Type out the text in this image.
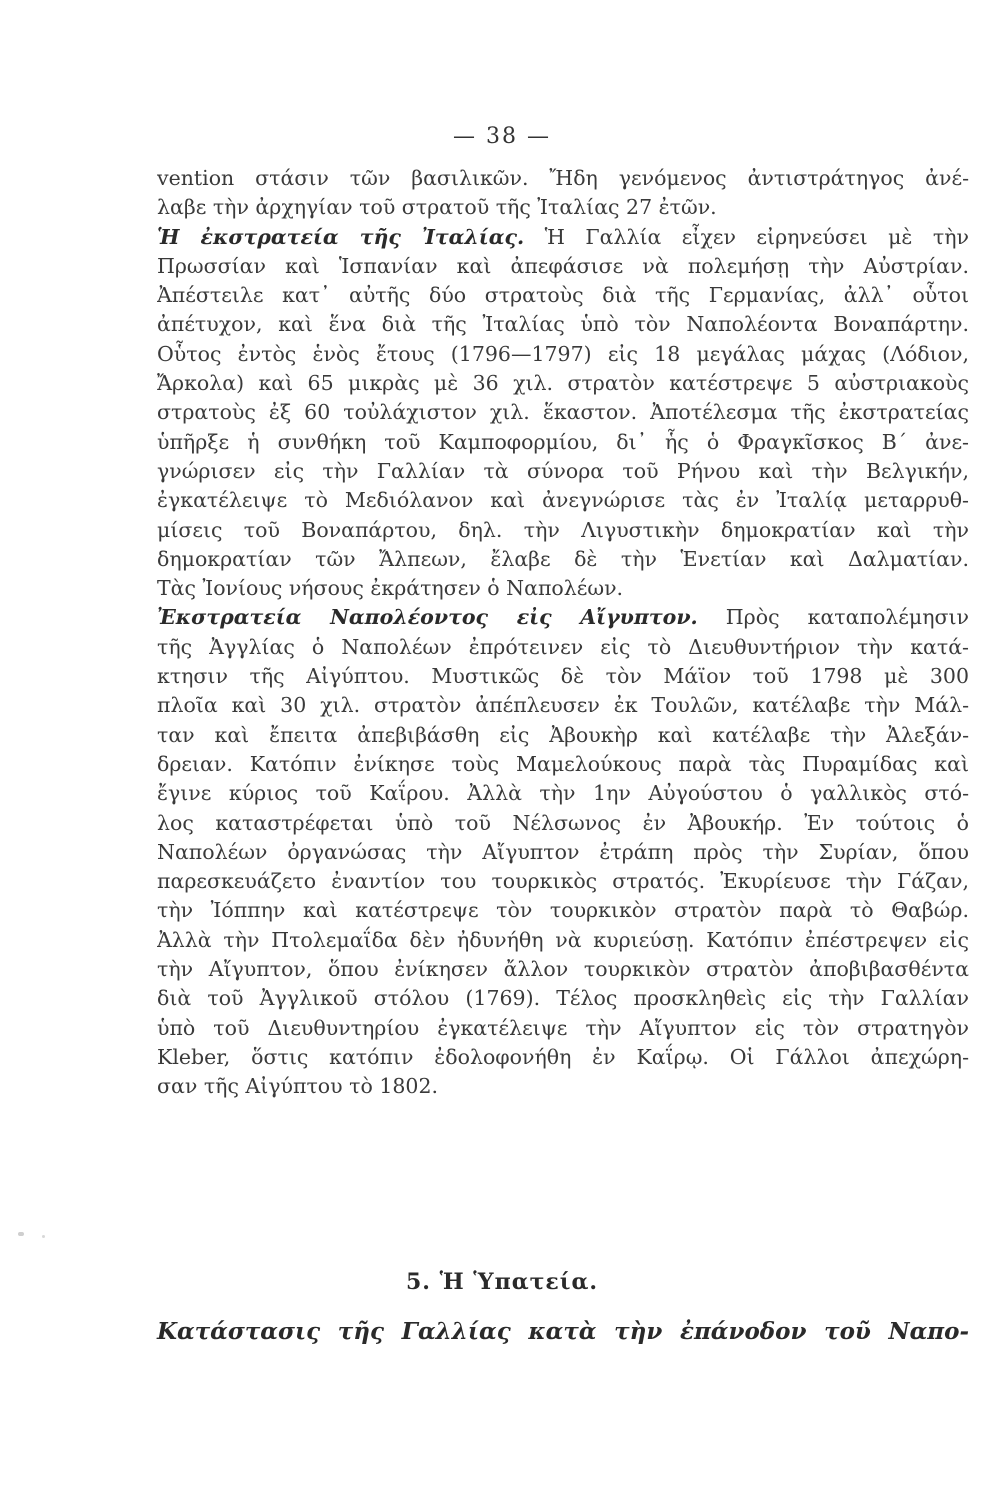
— 38 —
vention στάσιν τῶν βασιλικῶν. Ἤδη γενόμενος ἀντιστράτηγος ἀνέ-
λαβε τὴν ἀρχηγίαν τοῦ στρατοῦ τῆς Ἰταλίας 27 ἐτῶν.
Ἡ ἐκστρατεία τῆς Ἰταλίας. Ἡ Γαλλία εἶχεν εἰρηνεύσει μὲ τὴν
Πρωσσίαν καὶ Ἱσπανίαν καὶ ἀπεφάσισε νὰ πολεμήσῃ τὴν Αὐστρίαν.
Ἀπέστειλε κατ᾽ αὐτῆς δύο στρατοὺς διὰ τῆς Γερμανίας, ἀλλ᾽ οὗτοι
ἀπέτυχον, καὶ ἕνα διὰ τῆς Ἰταλίας ὑπὸ τὸν Ναπολέοντα Βοναπάρτην.
Οὗτος ἐντὸς ἑνὸς ἔτους (1796—1797) εἰς 18 μεγάλας μάχας (Λόδιον,
Ἄρκολα) καὶ 65 μικρὰς μὲ 36 χιλ. στρατὸν κατέστρεψε 5 αὐστριακοὺς
στρατοὺς ἐξ 60 τοὐλάχιστον χιλ. ἕκαστον. Ἀποτέλεσμα τῆς ἐκστρατείας
ὑπῆρξε ἡ συνθήκη τοῦ Καμποφορμίου, δι᾽ ἧς ὁ Φραγκῖσκος Β´ ἀνε-
γνώρισεν εἰς τὴν Γαλλίαν τὰ σύνορα τοῦ Ρήνου καὶ τὴν Βελγικήν,
ἐγκατέλειψε τὸ Μεδιόλανον καὶ ἀνεγνώρισε τὰς ἐν Ἰταλίᾳ μεταρρυθ-
μίσεις τοῦ Βοναπάρτου, δηλ. τὴν Λιγυστικὴν δημοκρατίαν καὶ τὴν
δημοκρατίαν τῶν Ἄλπεων, ἔλαβε δὲ τὴν Ἑνετίαν καὶ Δαλματίαν.
Τὰς Ἰονίους νήσους ἐκράτησεν ὁ Ναπολέων.
Ἐκστρατεία Ναπολέοντος εἰς Αἴγυπτον. Πρὸς καταπολέμησιν
τῆς Ἀγγλίας ὁ Ναπολέων ἐπρότεινεν εἰς τὸ Διευθυντήριον τὴν κατά-
κτησιν τῆς Αἰγύπτου. Μυστικῶς δὲ τὸν Μάϊον τοῦ 1798 μὲ 300
πλοῖα καὶ 30 χιλ. στρατὸν ἀπέπλευσεν ἐκ Τουλῶν, κατέλαβε τὴν Μάλ-
ταν καὶ ἔπειτα ἀπεβιβάσθη εἰς Ἀβουκὴρ καὶ κατέλαβε τὴν Ἀλεξάν-
δρειαν. Κατόπιν ἐνίκησε τοὺς Μαμελούκους παρὰ τὰς Πυραμίδας καὶ
ἔγινε κύριος τοῦ Καΐρου. Ἀλλὰ τὴν 1ην Αὐγούστου ὁ γαλλικὸς στό-
λος καταστρέφεται ὑπὸ τοῦ Νέλσωνος ἐν Ἀβουκήρ. Ἐν τούτοις ὁ
Ναπολέων ὀργανώσας τὴν Αἴγυπτον ἐτράπη πρὸς τὴν Συρίαν, ὅπου
παρεσκευάζετο ἐναντίον του τουρκικὸς στρατός. Ἐκυρίευσε τὴν Γάζαν,
τὴν Ἰόππην καὶ κατέστρεψε τὸν τουρκικὸν στρατὸν παρὰ τὸ Θαβώρ.
Ἀλλὰ τὴν Πτολεμαΐδα δὲν ἠδυνήθη νὰ κυριεύσῃ. Κατόπιν ἐπέστρεψεν εἰς
τὴν Αἴγυπτον, ὅπου ἐνίκησεν ἄλλον τουρκικὸν στρατὸν ἀποβιβασθέντα
διὰ τοῦ Ἀγγλικοῦ στόλου (1769). Τέλος προσκληθεὶς εἰς τὴν Γαλλίαν
ὑπὸ τοῦ Διευθυντηρίου ἐγκατέλειψε τὴν Αἴγυπτον εἰς τὸν στρατηγὸν
Kleber, ὅστις κατόπιν ἐδολοφονήθη ἐν Καΐρῳ. Οἱ Γάλλοι ἀπεχώρη-
σαν τῆς Αἰγύπτου τὸ 1802.
5. Ἡ Ὑπατεία.
Κατάστασις τῆς Γαλλίας κατὰ τὴν ἐπάνοδον τοῦ Ναπο-
